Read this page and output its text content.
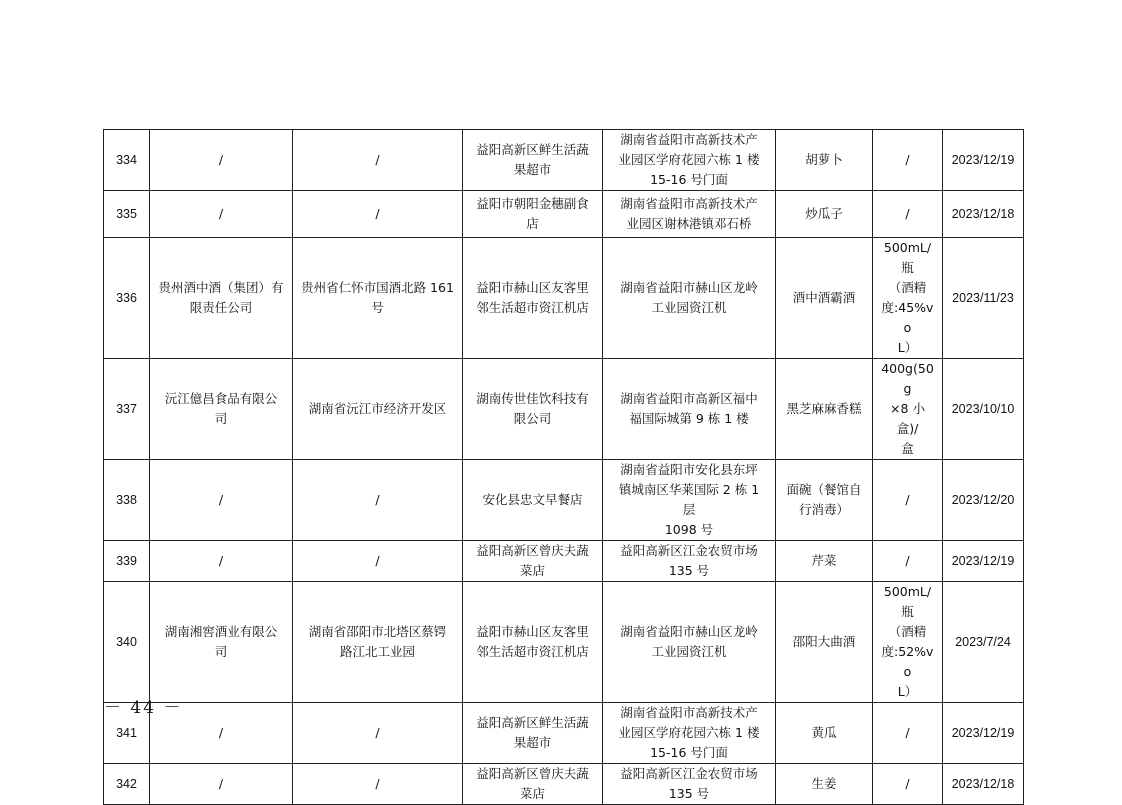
334	/	/	益阳高新区鲜生活蔬
果超市	湖南省益阳市高新技术产
业园区学府花园六栋 1 楼
15-16 号门面	胡萝卜	/	2023/12/19
335	/	/	益阳市朝阳金穗副食
店	湖南省益阳市高新技术产
业园区谢林港镇邓石桥	炒瓜子	/	2023/12/18
336	贵州酒中酒（集团）有
限责任公司	贵州省仁怀市国酒北路 161
号	益阳市赫山区友客里
邻生活超市资江机店	湖南省益阳市赫山区龙岭
工业园资江机	酒中酒霸酒	500mL/瓶
（酒精
度:45%vo
L）	2023/11/23
337	沅江億昌食品有限公
司	湖南省沅江市经济开发区	湖南传世佳饮科技有
限公司	湖南省益阳市高新区福中
福国际城第 9 栋 1 楼	黑芝麻麻香糕	400g(50g
×8 小盒)/
盒	2023/10/10
338	/	/	安化县忠文早餐店	湖南省益阳市安化县东坪
镇城南区华莱国际 2 栋 1 层
1098 号	面碗（餐馆自
行消毒）	/	2023/12/20
339	/	/	益阳高新区曾庆夫蔬
菜店	益阳高新区江金农贸市场
135 号	芹菜	/	2023/12/19
340	湖南湘窖酒业有限公
司	湖南省邵阳市北塔区蔡锷
路江北工业园	益阳市赫山区友客里
邻生活超市资江机店	湖南省益阳市赫山区龙岭
工业园资江机	邵阳大曲酒	500mL/瓶
（酒精
度:52%vo
L）	2023/7/24
341	/	/	益阳高新区鲜生活蔬
果超市	湖南省益阳市高新技术产
业园区学府花园六栋 1 楼
15-16 号门面	黄瓜	/	2023/12/19
342	/	/	益阳高新区曾庆夫蔬
菜店	益阳高新区江金农贸市场
135 号	生姜	/	2023/12/18
－ 44 －
